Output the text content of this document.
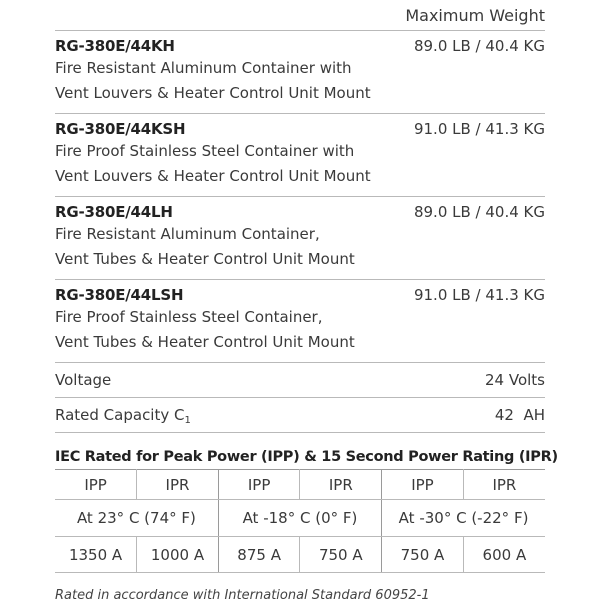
Maximum Weight
RG-380E/44KH
Fire Resistant Aluminum Container with
Vent Louvers & Heater Control Unit Mount
89.0 LB / 40.4 KG
RG-380E/44KSH
Fire Proof Stainless Steel Container with
Vent Louvers & Heater Control Unit Mount
91.0 LB / 41.3 KG
RG-380E/44LH
Fire Resistant Aluminum Container,
Vent Tubes & Heater Control Unit Mount
89.0 LB / 40.4 KG
RG-380E/44LSH
Fire Proof Stainless Steel Container,
Vent Tubes & Heater Control Unit Mount
91.0 LB / 41.3 KG
Voltage	24 Volts
Rated Capacity $C_1$	42  AH
IEC Rated for Peak Power (IPP) & 15 Second Power Rating (IPR)
IPP	IPR	IPP	IPR	IPP	IPR
At 23° C (74° F)		At -18° C (0° F)		At -30° C (-22° F)	
1350 A	1000 A	875 A	750 A	750 A	600 A
Rated in accordance with International Standard 60952-1
